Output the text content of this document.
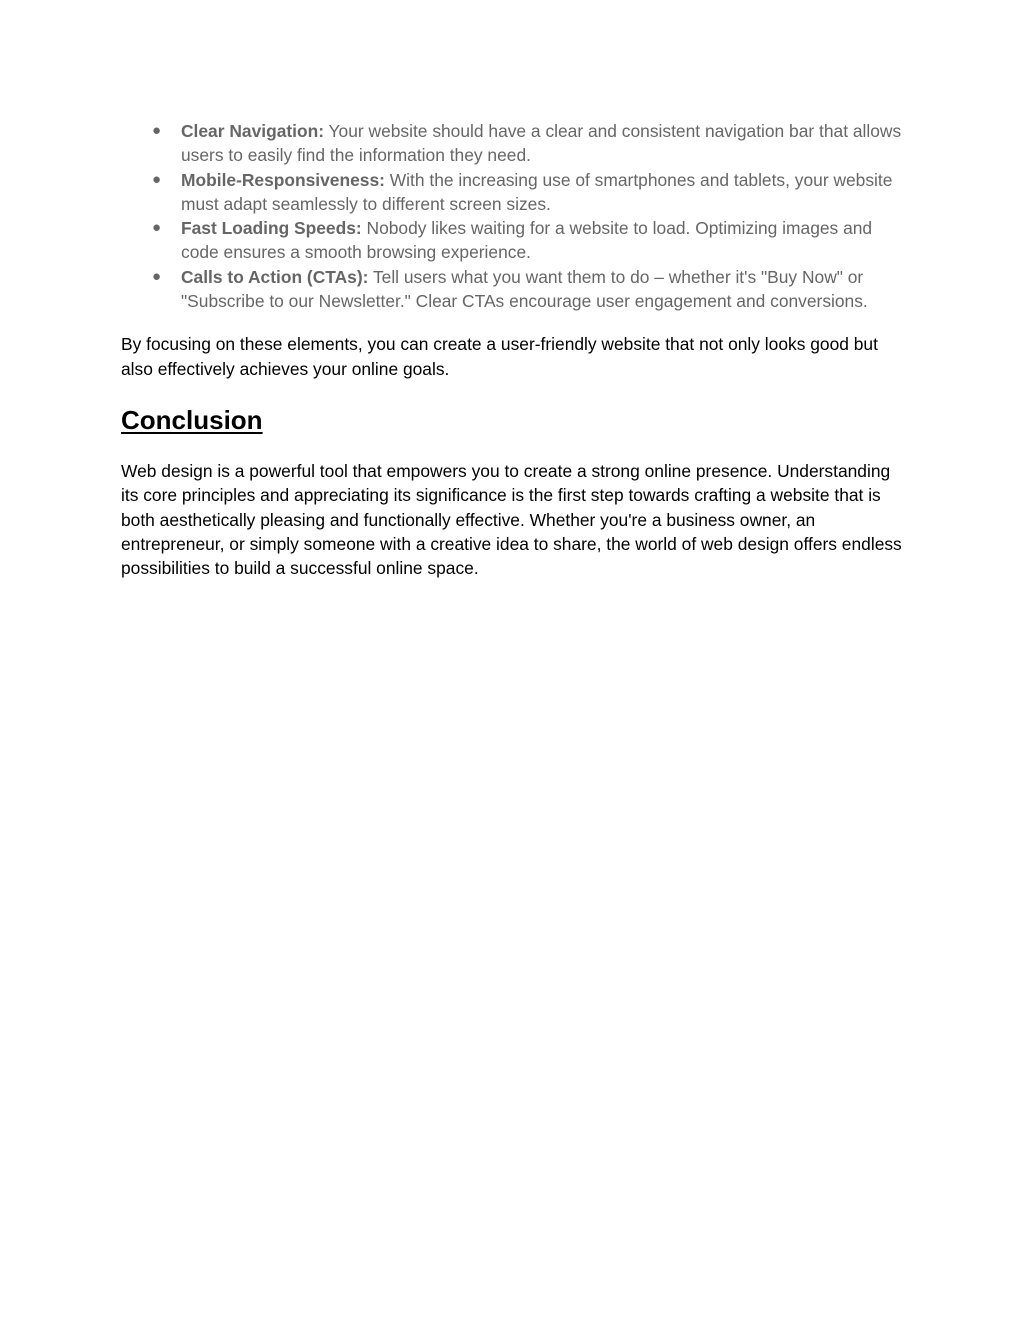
● Clear Navigation: Your website should have a clear and consistent navigation bar that allows users to easily find the information they need.
● Mobile-Responsiveness: With the increasing use of smartphones and tablets, your website must adapt seamlessly to different screen sizes.
● Fast Loading Speeds: Nobody likes waiting for a website to load. Optimizing images and code ensures a smooth browsing experience.
● Calls to Action (CTAs): Tell users what you want them to do – whether it's "Buy Now" or "Subscribe to our Newsletter." Clear CTAs encourage user engagement and conversions.

By focusing on these elements, you can create a user-friendly website that not only looks good but also effectively achieves your online goals.

Conclusion

Web design is a powerful tool that empowers you to create a strong online presence. Understanding its core principles and appreciating its significance is the first step towards crafting a website that is both aesthetically pleasing and functionally effective. Whether you're a business owner, an entrepreneur, or simply someone with a creative idea to share, the world of web design offers endless possibilities to build a successful online space.
